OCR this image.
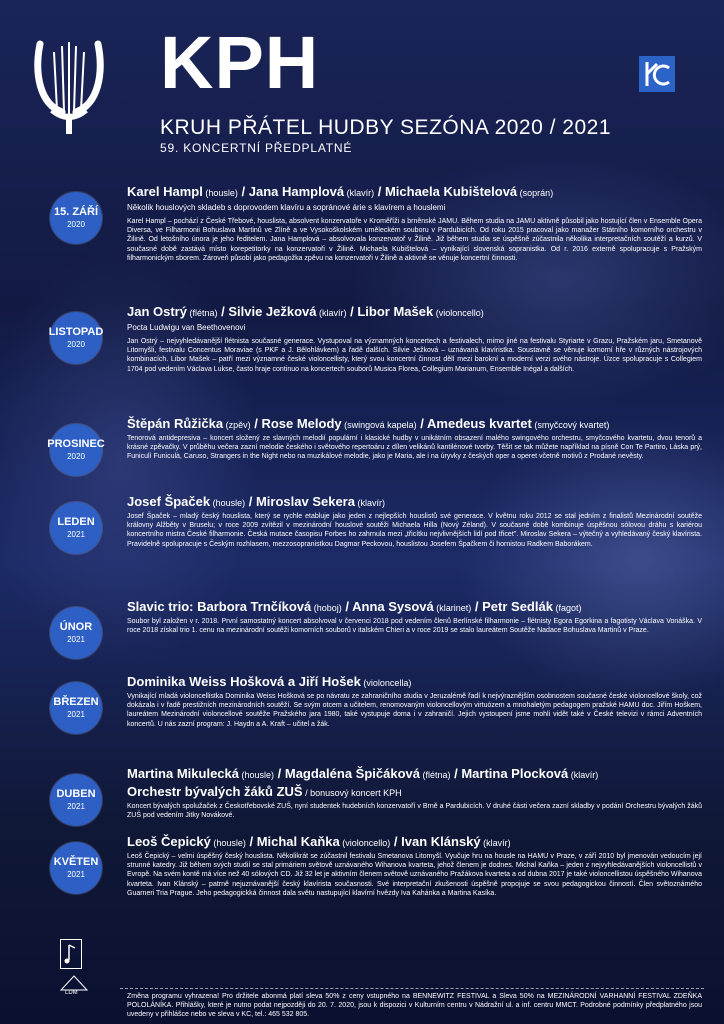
KPH
KRUH PŘÁTEL HUDBY SEZÓNA 2020 / 2021
59. KONCERTNÍ PŘEDPLATNÉ
15. ZÁŘÍ
2020
Karel Hampl (housle) / Jana Hamplová (klavír) / Michaela Kubištelová (soprán)
Několik houslových skladeb s doprovodem klavíru a sopránové árie s klavírem a houslemi
Karel Hampl – pochází z České Třebové, houslista, absolvent konzervatoře v Kroměříži a brněnské JAMU. Během studia na JAMU aktivně působil jako hostující člen v Ensemble Opera Diversa, ve Filharmonii Bohuslava Martinů ve Zlíně a ve Vysokoškolském uměleckém souboru v Pardubicích. Od roku 2015 pracoval jako manažer Státního komorního orchestru v Žilině. Od letošního února je jeho ředitelem. Jana Hamplová – absolvovala konzervatoř v Žilině. Již během studia se úspěšně zúčastnila několika interpretačních soutěží a kurzů. V současné době zastává místo korepetitorky na konzervatoři v Žilině. Michaela Kubištelová – vynikající slovenská sopranistka. Od r. 2016 externě spolupracuje s Pražským filharmonickým sborem. Zároveň působí jako pedagožka zpěvu na konzervatoři v Žilině a aktivně se věnuje koncertní činnosti.
LISTOPAD
2020
Jan Ostrý (flétna) / Silvie Ježková (klavír) / Libor Mašek (violoncello)
Pocta Ludwigu van Beethovenovi
Jan Ostrý – nejvyhledávanější flétnista současné generace. Vystupoval na významných koncertech a festivalech, mimo jiné na festivalu Styriarte v Grazu, Pražském jaru, Smetanově Litomyšli, festivalu Concentus Moraviae (s PKF a J. Bělohlávkem) a řadě dalších. Silvie Ježková – uznávaná klavíristka. Soustavně se věnuje komorní hře v různých nástrojových kombinacích. Libor Mašek – patří mezi významné české violoncellisty, který svou koncertní činnost dělí mezi barokní a moderní verzi svého nástroje. Úzce spolupracuje s Collegiem 1704 pod vedením Václava Luksе, často hraje continuo na koncertech souborů Musica Florea, Collegium Marianum, Ensemble Inégal a dalších.
PROSINEC
2020
Štěpán Růžička (zpěv) / Rose Melody (swingová kapela) / Amedeus kvartet (smyčcový kvartet)
Tenorová antidepresiva – koncert složený ze slavných melodií populární i klasické hudby v unikátním obsazení malého swingového orchestru, smyčcového kvartetu, dvou tenorů a krásné zpěvačky. V průběhu večera zazní melodie českého i světového repertoáru z dílen velikánů kantilénové tvorby. Těšit se tak můžete například na písně Con Te Partiro, Láska prý, Funiculì Funiculà, Caruso, Strangers in the Night nebo na muzikálové melodie, jako je Maria, ale i na úryvky z českých oper a operet včetně motivů z Prodané nevěsty.
LEDEN
2021
Josef Špaček (housle) / Miroslav Sekera (klavír)
Josef Špaček – mladý český houslista, který se rychle etabluje jako jeden z nejlepších houslistů své generace. V květnu roku 2012 se stal jedním z finalistů Mezinárodní soutěže královny Alžběty v Bruselu; v roce 2009 zvítězil v mezinárodní houslové soutěži Michaela Hilla (Nový Zéland). V současné době kombinuje úspěšnou sólovou dráhu s kariérou koncertního mistra České filharmonie. Česká mutace časopisu Forbes ho zahrnula mezi „třicítku nejvlivnějších lidí pod třicet". Miroslav Sekera – výtečný a vyhledávaný český klavírista. Pravidelně spolupracuje s Českým rozhlasem, mezzosopranistkou Dagmar Peckovou, houslistou Josefem Špačkem či hornistou Radkem Baborákem.
ÚNOR
2021
Slavic trio: Barbora Trnčíková (hoboj) / Anna Sysová (klarinet) / Petr Sedlák (fagot)
Soubor byl založen v r. 2018. První samostatný koncert absolvoval v červenci 2018 pod vedením členů Berlínské filharmonie – flétnisty Egora Egorkina a fagotisty Václava Vonáška. V roce 2018 získal trio 1. cenu na mezinárodní soutěži komorních souborů v italském Chieri a v roce 2019 se stalo laureátem Soutěže Nadace Bohuslava Martinů v Praze.
BŘEZEN
2021
Dominika Weiss Hošková a Jiří Hošek (violoncella)
Vynikající mladá violoncellistka Dominika Weiss Hošková se po návratu ze zahraničního studia v Jeruzalémě řadí k nejvýraznějším osobnostem současné české violoncellové školy, což dokázala i v řadě prestižních mezinárodních soutěží. Se svým otcem a učitelem, renomovaným violoncellovým virtuózem a mnohaletým pedagogem pražské HAMU doc. Jiřím Hoškem, laureátem Mezinárodní violoncellové soutěže Pražského jara 1980, také vystupuje doma i v zahraničí. Jejich vystoupení jsme mohli vidět také v České televizi v rámci Adventních koncertů. U nás zazní program: J. Haydn a A. Kraft – učitel a žák.
DUBEN
2021
Martina Mikulecká (housle) / Magdaléna Špičáková (flétna) / Martina Plocková (klavír)
Orchestr bývalých žáků ZUŠ / bonusový koncert KPH
Koncert bývalých spolužaček z Českotřebovské ZUŠ, nyní studentek hudebních konzervatoří v Brně a Pardubicích. V druhé části večera zazní skladby v podání Orchestru bývalých žáků ZUŠ pod vedením Jitky Novákové.
KVĚTEN
2021
Leoš Čepický (housle) / Michal Kaňka (violoncello) / Ivan Klánský (klavír)
Leoš Čepický – velmi úspěšný český houslista. Několikrát se zúčastnil festivalu Smetanova Litomyšl. Vyučuje hru na housle na HAMU v Praze, v září 2010 byl jmenován vedoucím její strunné katedry. Již během svých studií se stal primáriem světově uznávaného Wihanova kvarteta, jehož členem je dodnes. Michal Kaňka – jeden z nejvyhledávanějších violoncellistů v Evropě. Na svém kontě má více než 40 sólových CD. Již 32 let je aktivním členem světově uznávaného Pražákova kvarteta a od dubna 2017 je také violoncellistou úspěšného Wihanova kvarteta. Ivan Klánský – patrně nejuznávanější český klavírista současnosti. Své interpretační zkušenosti úspěšně propojuje se svou pedagogickou činností. Člen světoznámého Guarneri Tria Prague. Jeho pedagogickká činnost dala světu nastupující klavírní hvězdy Iva Kahánka a Martina Kasíka.
LDM	Změna programu vyhrazena! Pro držitele abonmá platí sleva 50% z ceny vstupného na BENNEWITZ FESTIVAL a Sleva 50% na MEZINÁRODNÍ VARHANNÍ FESTIVAL ZDEŇKA POLOLÁNÍKA. Přihlášky, které je nutno podat nejpozději do 20. 7. 2020, jsou k dispozici v Kulturním centru v Nádražní ul. a inf. centru MMCT. Podrobné podmínky předplatného jsou uvedeny v přihlášce nebo ve sleva v KC, tel.: 465 532 805.
